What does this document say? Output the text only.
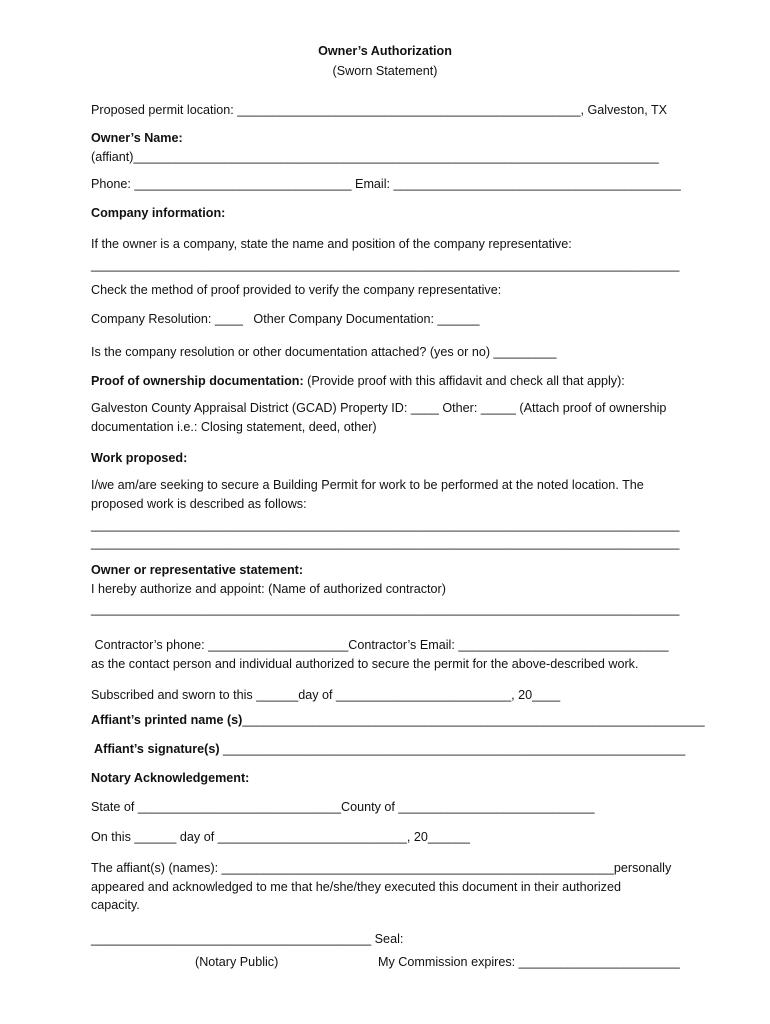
Owner’s Authorization
(Sworn Statement)
Proposed permit location: _________________________________________________, Galveston, TX
Owner’s Name:
(affiant)___________________________________________________________________________
Phone: _______________________________ Email: _________________________________________
Company information:
If the owner is a company, state the name and position of the company representative:
____________________________________________________________________________________
Check the method of proof provided to verify the company representative:
Company Resolution: ____   Other Company Documentation: ______
Is the company resolution or other documentation attached? (yes or no) _________
Proof of ownership documentation: (Provide proof with this affidavit and check all that apply):
Galveston County Appraisal District (GCAD) Property ID: ____ Other: _____ (Attach proof of ownership
documentation i.e.: Closing statement, deed, other)
Work proposed:
I/we am/are seeking to secure a Building Permit for work to be performed at the noted location. The
proposed work is described as follows:
____________________________________________________________________________________
____________________________________________________________________________________
Owner or representative statement:
I hereby authorize and appoint: (Name of authorized contractor)
____________________________________________________________________________________
Contractor’s phone: ____________________Contractor’s Email: ______________________________
as the contact person and individual authorized to secure the permit for the above-described work.
Subscribed and sworn to this ______day of _________________________, 20____
Affiant’s printed name (s)__________________________________________________________________
Affiant’s signature(s) __________________________________________________________________
Notary Acknowledgement:
State of _____________________________County of ____________________________
On this ______ day of ___________________________, 20______
The affiant(s) (names): ________________________________________________________personally
appeared and acknowledged to me that he/she/they executed this document in their authorized
capacity.
________________________________________ Seal:
(Notary Public)	My Commission expires: _______________________
